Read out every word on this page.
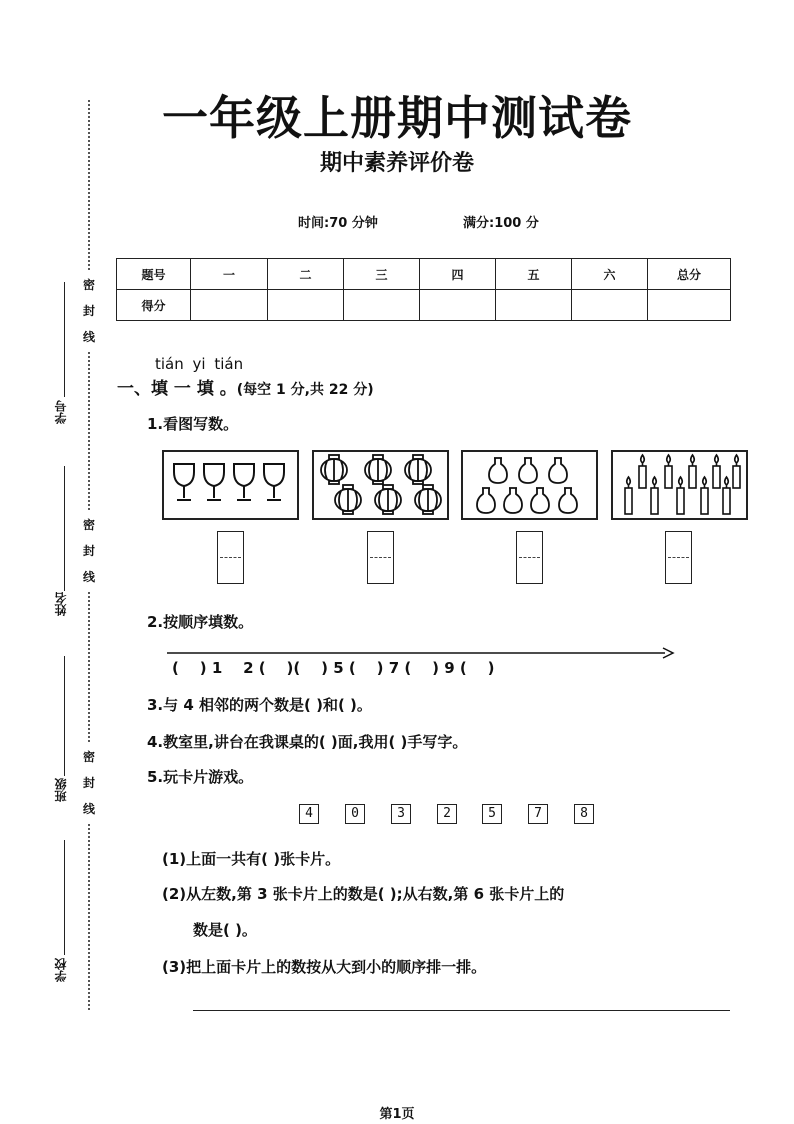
密
封
线
密
封
线
密
封
线
学号
姓名
班级
学校
一年级上册期中测试卷
期中素养评价卷
时间:70 分钟	满分:100 分
题号	一	二	三	四	五	六	总分
得分							
tián yi tián
一、填 一 填 。(每空 1 分,共 22 分)
1.看图写数。
2.按顺序填数。
(    ) 1    2 (    )(    ) 5 (    ) 7 (    ) 9 (    )
3.与 4 相邻的两个数是( )和( )。
4.教室里,讲台在我课桌的( )面,我用( )手写字。
5.玩卡片游戏。
4	0	3	2	5	7	8
(1)上面一共有( )张卡片。
(2)从左数,第 3 张卡片上的数是( );从右数,第 6 张卡片上的
数是( )。
(3)把上面卡片上的数按从大到小的顺序排一排。
第1页
